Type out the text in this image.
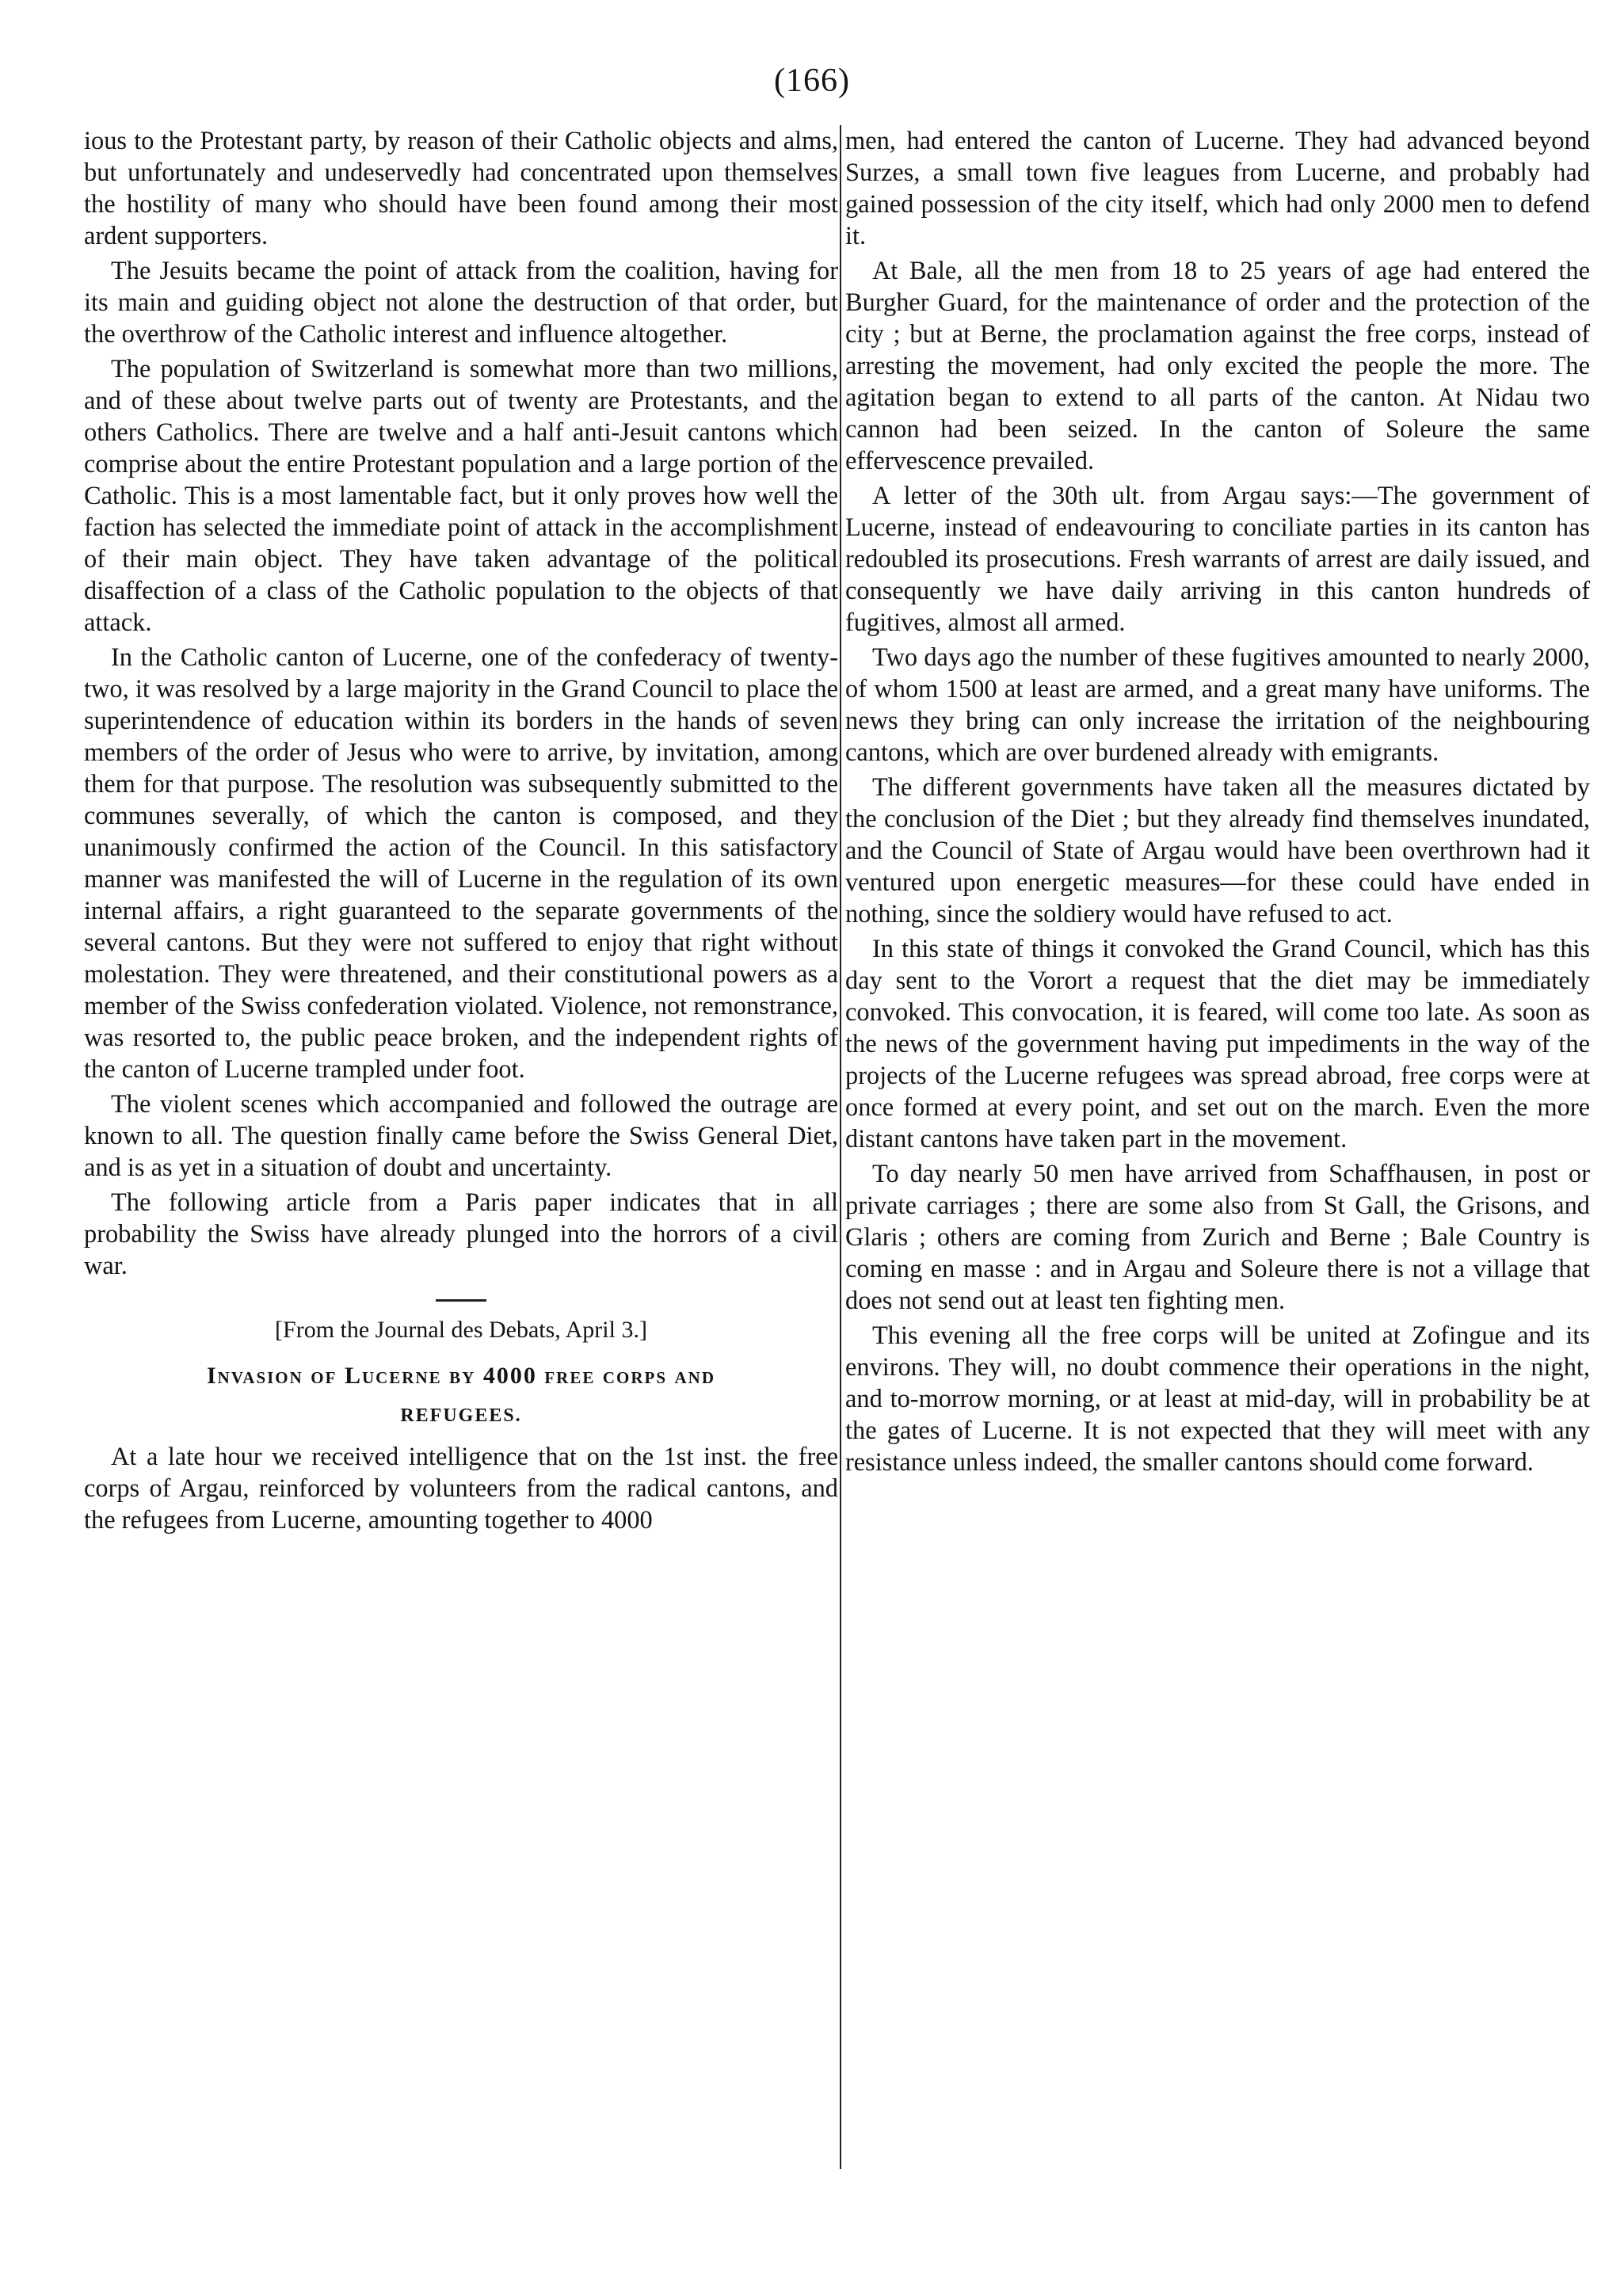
(166)

ious to the Protestant party, by reason of their Catholic objects and alms, but unfortunately and undeservedly had concentrated upon themselves the hostility of many who should have been found among their most ardent supporters.

The Jesuits became the point of attack from the coalition, having for its main and guiding object not alone the destruction of that order, but the overthrow of the Catholic interest and influence altogether.

The population of Switzerland is somewhat more than two millions, and of these about twelve parts out of twenty are Protestants, and the others Catholics. There are twelve and a half anti-Jesuit cantons which comprise about the entire Protestant population and a large portion of the Catholic. This is a most lamentable fact, but it only proves how well the faction has selected the immediate point of attack in the accomplishment of their main object. They have taken advantage of the political disaffection of a class of the Catholic population to the objects of that attack.

In the Catholic canton of Lucerne, one of the confederacy of twenty-two, it was resolved by a large majority in the Grand Council to place the superintendence of education within its borders in the hands of seven members of the order of Jesus who were to arrive, by invitation, among them for that purpose. The resolution was subsequently submitted to the communes severally, of which the canton is composed, and they unanimously confirmed the action of the Council. In this satisfactory manner was manifested the will of Lucerne in the regulation of its own internal affairs, a right guaranteed to the separate governments of the several cantons. But they were not suffered to enjoy that right without molestation. They were threatened, and their constitutional powers as a member of the Swiss confederation violated. Violence, not remonstrance, was resorted to, the public peace broken, and the independent rights of the canton of Lucerne trampled under foot.

The violent scenes which accompanied and followed the outrage are known to all. The question finally came before the Swiss General Diet, and is as yet in a situation of doubt and uncertainty.

The following article from a Paris paper indicates that in all probability the Swiss have already plunged into the horrors of a civil war.

[From the Journal des Debats, April 3.]

Invasion of Lucerne by 4000 free corps and

REFUGEES.

At a late hour we received intelligence that on the 1st inst. the free corps of Argau, reinforced by volunteers from the radical cantons, and the refugees from Lucerne, amounting together to 4000

men, had entered the canton of Lucerne. They had advanced beyond Surzes, a small town five leagues from Lucerne, and probably had gained possession of the city itself, which had only 2000 men to defend it.

At Bale, all the men from 18 to 25 years of age had entered the Burgher Guard, for the maintenance of order and the protection of the city ; but at Berne, the proclamation against the free corps, instead of arresting the movement, had only excited the people the more. The agitation began to extend to all parts of the canton. At Nidau two cannon had been seized. In the canton of Soleure the same effervescence prevailed.

A letter of the 30th ult. from Argau says:—The government of Lucerne, instead of endeavouring to conciliate parties in its canton has redoubled its prosecutions. Fresh warrants of arrest are daily issued, and consequently we have daily arriving in this canton hundreds of fugitives, almost all armed.

Two days ago the number of these fugitives amounted to nearly 2000, of whom 1500 at least are armed, and a great many have uniforms. The news they bring can only increase the irritation of the neighbouring cantons, which are over burdened already with emigrants.

The different governments have taken all the measures dictated by the conclusion of the Diet ; but they already find themselves inundated, and the Council of State of Argau would have been overthrown had it ventured upon energetic measures—for these could have ended in nothing, since the soldiery would have refused to act.

In this state of things it convoked the Grand Council, which has this day sent to the Vorort a request that the diet may be immediately convoked. This convocation, it is feared, will come too late. As soon as the news of the government having put impediments in the way of the projects of the Lucerne refugees was spread abroad, free corps were at once formed at every point, and set out on the march. Even the more distant cantons have taken part in the movement.

To day nearly 50 men have arrived from Schaffhausen, in post or private carriages ; there are some also from St Gall, the Grisons, and Glaris ; others are coming from Zurich and Berne ; Bale Country is coming en masse : and in Argau and Soleure there is not a village that does not send out at least ten fighting men.

This evening all the free corps will be united at Zofingue and its environs. They will, no doubt commence their operations in the night, and to-morrow morning, or at least at mid-day, will in probability be at the gates of Lucerne. It is not expected that they will meet with any resistance unless indeed, the smaller cantons should come forward.
